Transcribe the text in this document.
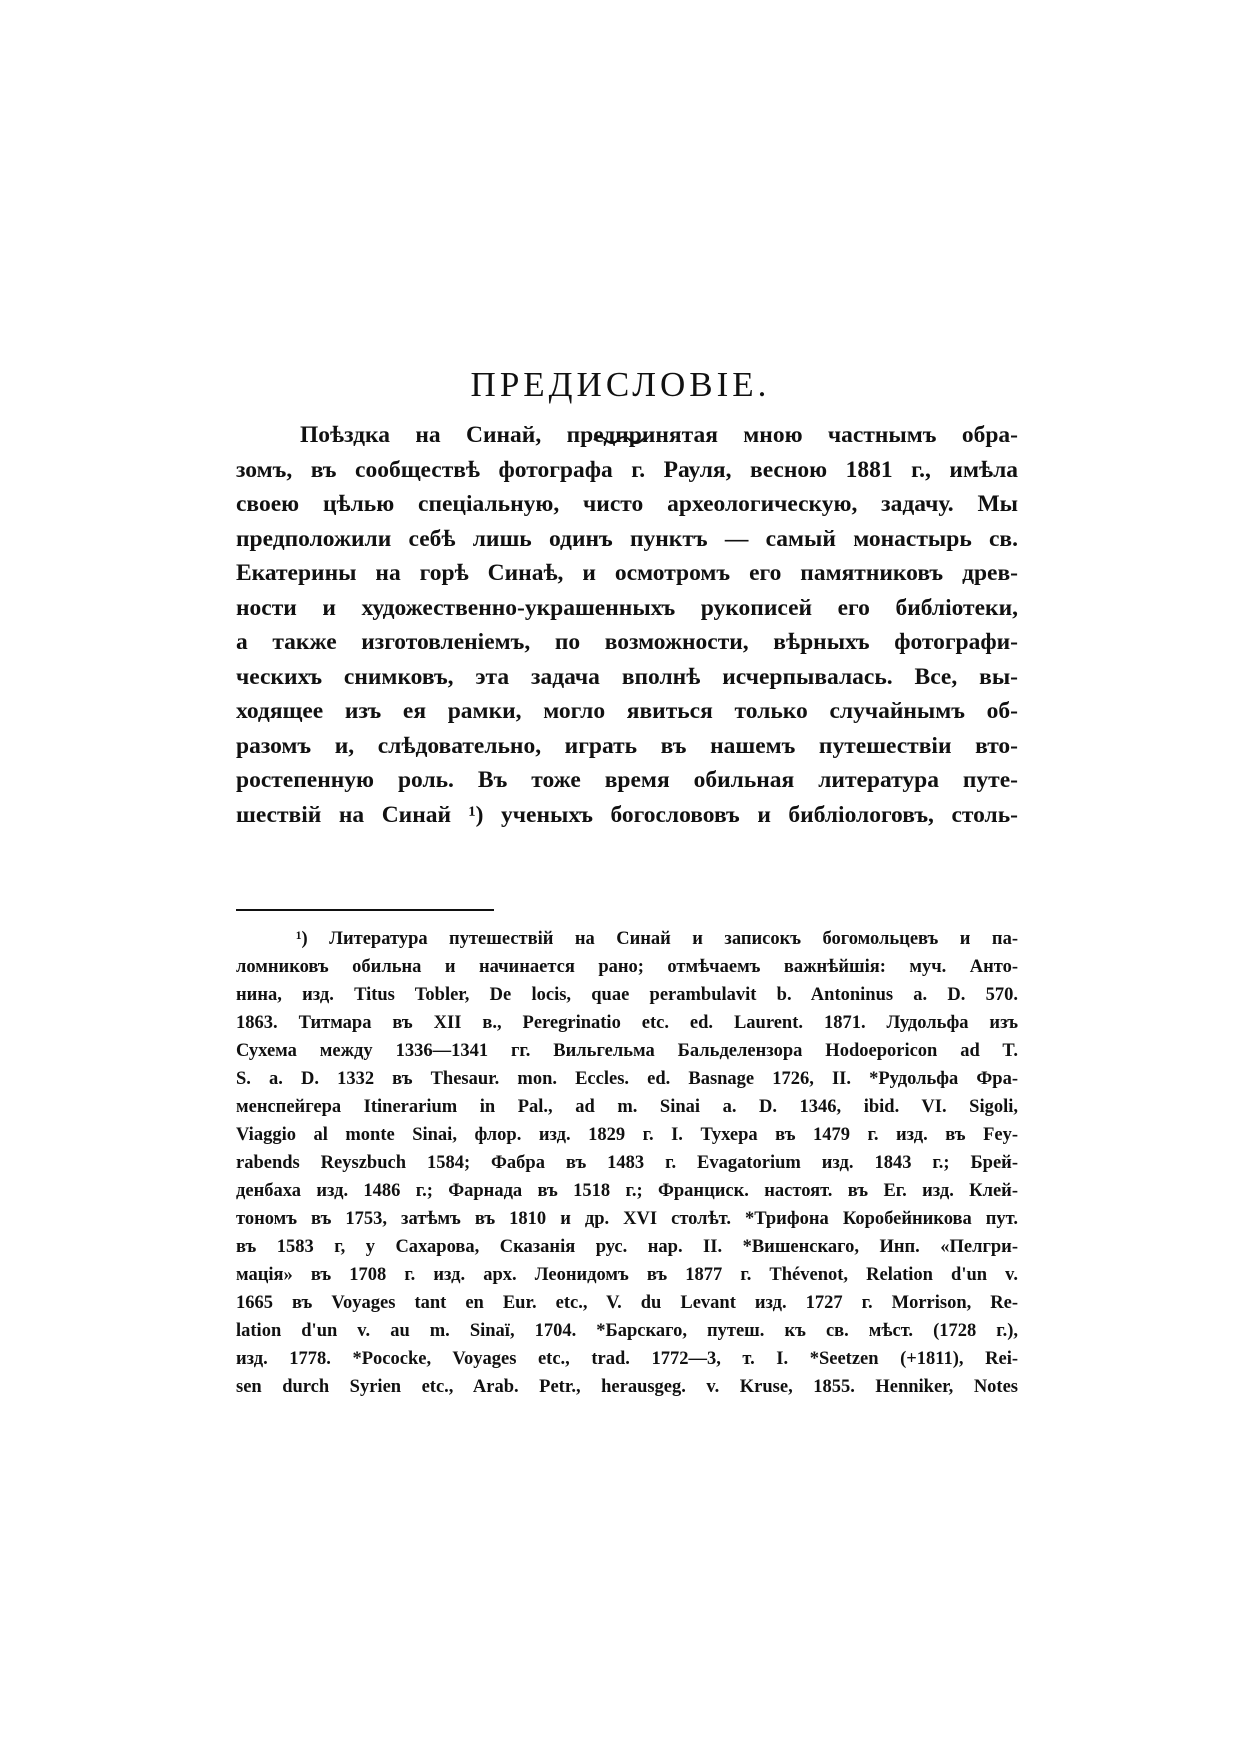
ПРЕДИСЛОВІЕ.
Поѣздка на Синай, предпринятая мною частнымъ обра-
зомъ, въ сообществѣ фотографа г. Рауля, весною 1881 г., имѣла
своею цѣлью спеціальную, чисто археологическую, задачу. Мы
предположили себѣ лишь одинъ пунктъ — самый монастырь св.
Екатерины на горѣ Синаѣ, и осмотромъ его памятниковъ древ-
ности и художественно-украшенныхъ рукописей его библіотеки,
а также изготовленіемъ, по возможности, вѣрныхъ фотографи-
ческихъ снимковъ, эта задача вполнѣ исчерпывалась. Все, вы-
ходящее изъ ея рамки, могло явиться только случайнымъ об-
разомъ и, слѣдовательно, играть въ нашемъ путешествіи вто-
ростепенную роль. Въ тоже время обильная литература путе-
шествій на Синай ¹) ученыхъ богослововъ и библіологовъ, столь-
¹) Литература путешествій на Синай и записокъ богомольцевъ и па-
ломниковъ обильна и начинается рано; отмѣчаемъ важнѣйшія: муч. Анто-
нина, изд. Titus Tobler, De locis, quae perambulavit b. Antoninus a. D. 570.
1863. Титмара въ XII в., Peregrinatio etc. ed. Laurent. 1871. Лудольфа изъ
Сухема между 1336—1341 гг. Вильгельма Бальделензора Hodoeporicon ad T.
S. a. D. 1332 въ Thesaur. mon. Eccles. ed. Basnage 1726, II. *Рудольфа Фра-
менспейгера Itinerarium in Pal., ad m. Sinai a. D. 1346, ibid. VI. Sigoli,
Viaggio al monte Sinai, флор. изд. 1829 г. I. Тухера въ 1479 г. изд. въ Fey-
rabends Reyszbuch 1584; Фабра въ 1483 г. Evagatorium изд. 1843 г.; Брей-
денбаха изд. 1486 г.; Фарнада въ 1518 г.; Франциск. настоят. въ Ег. изд. Клей-
тономъ въ 1753, затѣмъ въ 1810 и др. XVI столѣт. *Трифона Коробейникова пут.
въ 1583 г, у Сахарова, Сказанія рус. нар. II. *Вишенскаго, Инп. «Пелгри-
мація» въ 1708 г. изд. арх. Леонидомъ въ 1877 г. Thévenot, Relation d'un v.
1665 въ Voyages tant en Eur. etc., V. du Levant изд. 1727 г. Morrison, Re-
lation d'un v. au m. Sinaï, 1704. *Барскаго, путеш. къ св. мѣст. (1728 г.),
изд. 1778. *Pococke, Voyages etc., trad. 1772—3, т. I. *Seetzen (+1811), Rei-
sen durch Syrien etc., Arab. Petr., herausgeg. v. Kruse, 1855. Henniker, Notes
